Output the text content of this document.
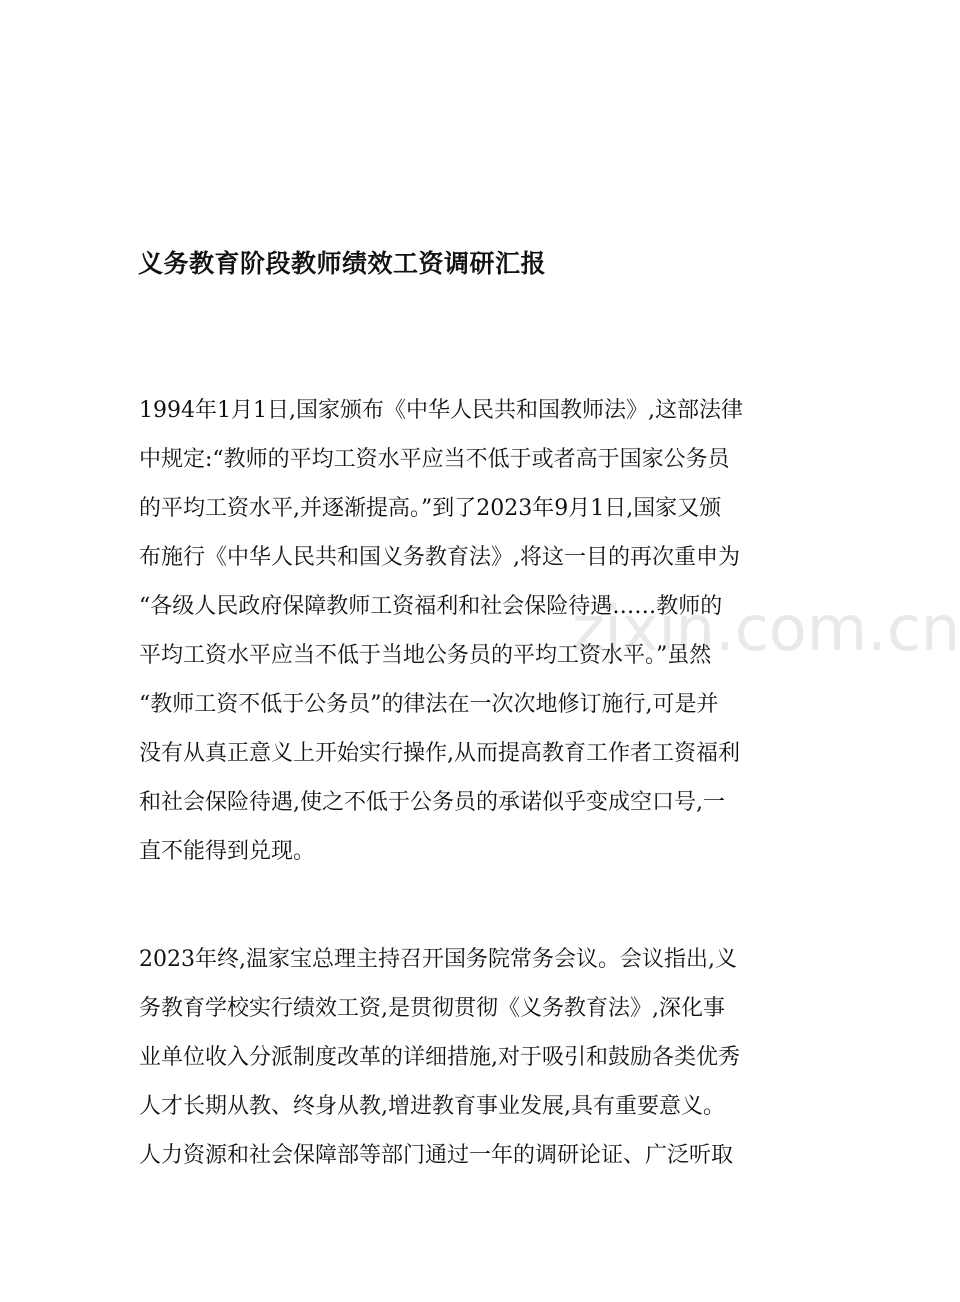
zixin.com.cn
义务教育阶段教师绩效工资调研汇报

1994年1月1日,国家颁布《中华人民共和国教师法》,这部法律
中规定:“教师的平均工资水平应当不低于或者高于国家公务员
的平均工资水平,并逐渐提高。”到了2023年9月1日,国家又颁
布施行《中华人民共和国义务教育法》,将这一目的再次重申为
“各级人民政府保障教师工资福利和社会保险待遇……教师的
平均工资水平应当不低于当地公务员的平均工资水平。”虽然
“教师工资不低于公务员”的律法在一次次地修订施行,可是并
没有从真正意义上开始实行操作,从而提高教育工作者工资福利
和社会保险待遇,使之不低于公务员的承诺似乎变成空口号,一
直不能得到兑现。

2023年终,温家宝总理主持召开国务院常务会议。会议指出,义
务教育学校实行绩效工资,是贯彻贯彻《义务教育法》,深化事
业单位收入分派制度改革的详细措施,对于吸引和鼓励各类优秀
人才长期从教、终身从教,增进教育事业发展,具有重要意义。
人力资源和社会保障部等部门通过一年的调研论证、广泛听取
